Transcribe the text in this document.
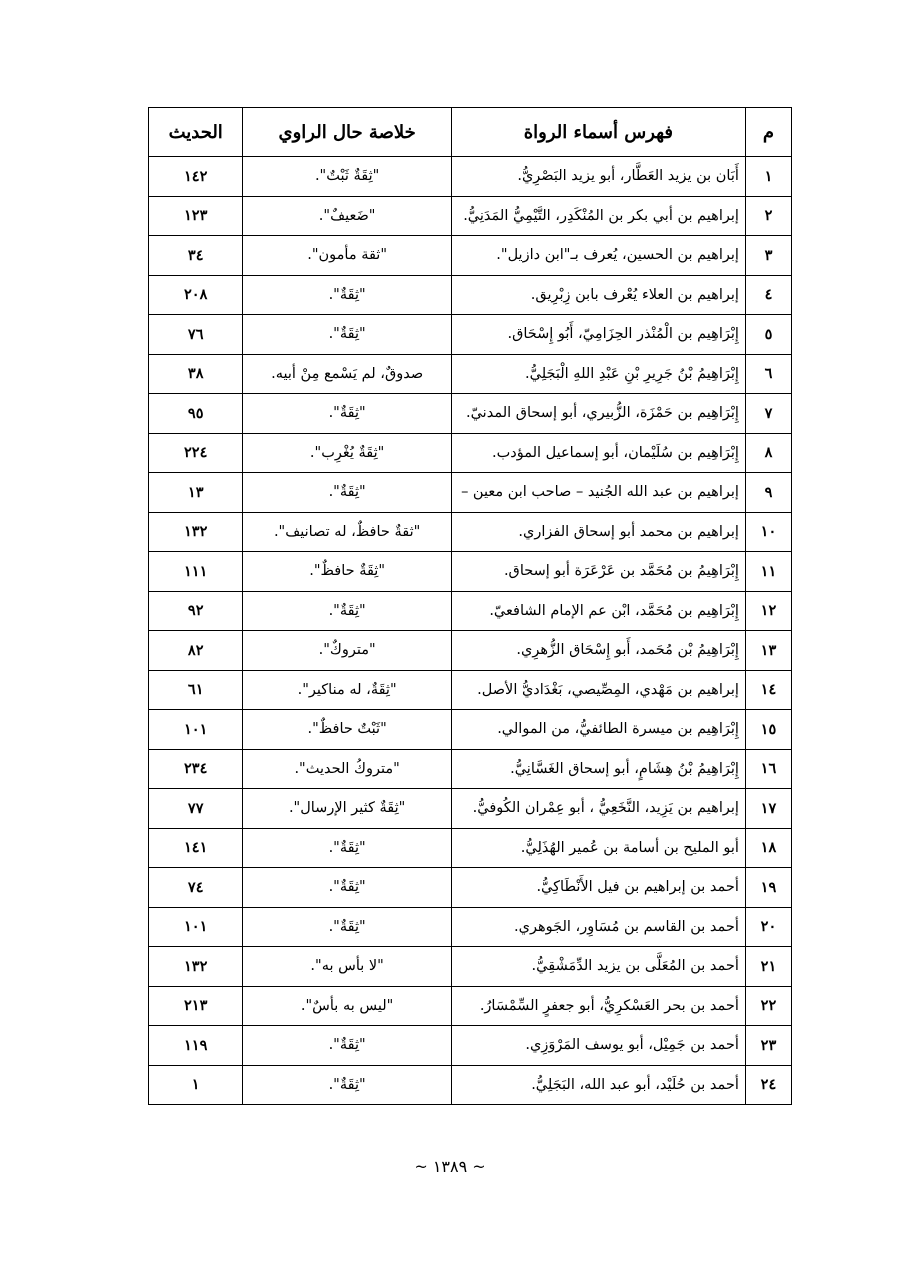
م	فهرس أسماء الرواة	خلاصة حال الراوي	الحديث
١	أَبَان بن يزيد العَطَّار، أبو يزيد البَصْرِيُّ.	"ثِقَةٌ ثَبْتٌ".	١٤٢
٢	إبراهيم بن أبي بكر بن المُنْكَدِر، التَّيْمِيُّ المَدَنِيُّ.	"ضَعيفٌ".	١٢٣
٣	إبراهيم بن الحسين، يُعرف بـ"ابن دازيل".	"ثقة مأمون".	٣٤
٤	إبراهيم بن العلاء يُعْرف بابن زِبْرِيق.	"ثِقَةٌ".	٢٠٨
٥	إِبْرَاهِيم بن الْمُنْذر الحِزَامِيّ، أَبُو إِسْحَاق.	"ثِقَةٌ".	٧٦
٦	إِبْرَاهِيمُ بْنُ جَرِيرِ بْنِ عَبْدِ اللهِ الْبَجَلِيُّ.	صدوقٌ، لم يَسْمع مِنْ أبيه.	٣٨
٧	إِبْرَاهِيم بن حَمْزَة، الزُّبيري، أبو إسحاق المدنيّ.	"ثِقَةٌ".	٩٥
٨	إِبْرَاهِيم بن سُلَيْمان، أبو إسماعيل المؤدب.	"ثِقَةٌ يُغْرِب".	٢٢٤
٩	إبراهيم بن عبد الله الجُنيد – صاحب ابن معين –	"ثِقَةٌ".	١٣
١٠	إبراهيم بن محمد أبو إسحاق الفزاري.	"ثقةٌ حافظٌ، له تصانيف".	١٣٢
١١	إِبْرَاهِيمُ بن مُحَمَّد بن عَرْعَرَة أبو إسحاق.	"ثِقَةٌ حافظٌ".	١١١
١٢	إِبْرَاهِيم بن مُحَمَّد، ابْن عم الإمام الشافعيّ.	"ثِقَةٌ".	٩٢
١٣	إِبْرَاهِيمُ بْن مُحَمد، أَبو إِسْحَاق الزُّهرِي.	"متروكٌ".	٨٢
١٤	إبراهيم بن مَهْدي، المِصِّيصي، بَغْدَاديُّ الأصل.	"ثِقَةٌ، له مناكير".	٦١
١٥	إِبْرَاهِيم بن ميسرة الطائفيُّ، من الموالي.	"ثَبْتٌ حافظٌ".	١٠١
١٦	إِبْرَاهِيمُ بْنُ هِشَامٍ، أبو إسحاق الغَسَّانِيُّ.	"متروكُ الحديث".	٢٣٤
١٧	إبراهيم بن يَزِيد، النَّخَعِيُّ ، أبو عِمْران الكُوفيُّ.	"ثِقَةٌ كثير الإرسال".	٧٧
١٨	أبو المليح بن أسامة بن عُمير الهُذَلِيُّ.	"ثِقَةٌ".	١٤١
١٩	أحمد بن إبراهيم بن فيل الأَنْطَاكِيُّ.	"ثِقَةٌ".	٧٤
٢٠	أحمد بن القاسم بن مُسَاوِر، الجَوهري.	"ثِقَةٌ".	١٠١
٢١	أحمد بن المُعَلَّى بن يزيد الدِّمَشْقِيُّ.	"لا بأس به".	١٣٢
٢٢	أحمد بن بحر العَسْكرِيُّ، أبو جعفرٍ السِّمْسَارُ.	"ليس به بأسٌ".	٢١٣
٢٣	أحمد بن جَمِيْل، أبو يوسف المَرْوَزِي.	"ثِقَةٌ".	١١٩
٢٤	أحمد بن حُلَيْد، أبو عبد الله، البَجَلِيُّ.	"ثِقَةٌ".	١
~ ١٣٨٩ ~
